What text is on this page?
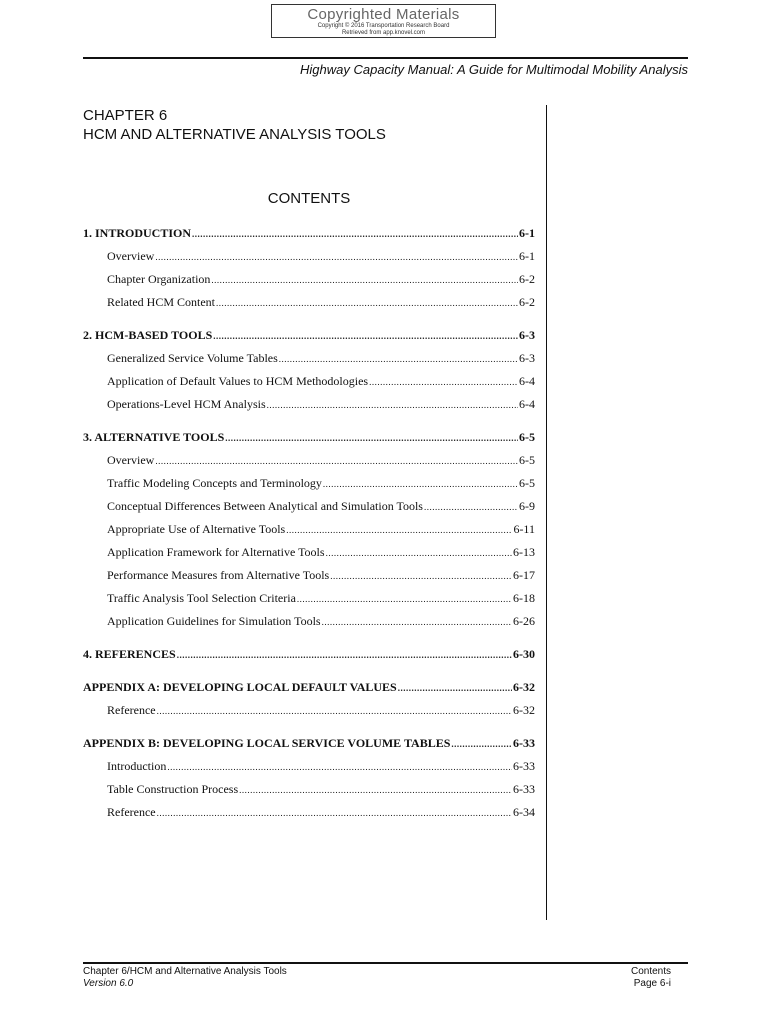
Copyrighted Materials
Copyright © 2016 Transportation Research Board
Retrieved from app.knovel.com
Highway Capacity Manual: A Guide for Multimodal Mobility Analysis
CHAPTER 6
HCM AND ALTERNATIVE ANALYSIS TOOLS
CONTENTS
1. INTRODUCTION .....	6-1
Overview .....	6-1
Chapter Organization .....	6-2
Related HCM Content .....	6-2
2. HCM-BASED TOOLS .....	6-3
Generalized Service Volume Tables .....	6-3
Application of Default Values to HCM Methodologies .....	6-4
Operations-Level HCM Analysis .....	6-4
3. ALTERNATIVE TOOLS .....	6-5
Overview .....	6-5
Traffic Modeling Concepts and Terminology .....	6-5
Conceptual Differences Between Analytical and Simulation Tools .....	6-9
Appropriate Use of Alternative Tools .....	6-11
Application Framework for Alternative Tools .....	6-13
Performance Measures from Alternative Tools .....	6-17
Traffic Analysis Tool Selection Criteria .....	6-18
Application Guidelines for Simulation Tools .....	6-26
4. REFERENCES .....	6-30
APPENDIX A: DEVELOPING LOCAL DEFAULT VALUES .....	6-32
Reference .....	6-32
APPENDIX B: DEVELOPING LOCAL SERVICE VOLUME TABLES .....	6-33
Introduction .....	6-33
Table Construction Process .....	6-33
Reference .....	6-34
Chapter 6/HCM and Alternative Analysis Tools
Version 6.0
Contents
Page 6-i
